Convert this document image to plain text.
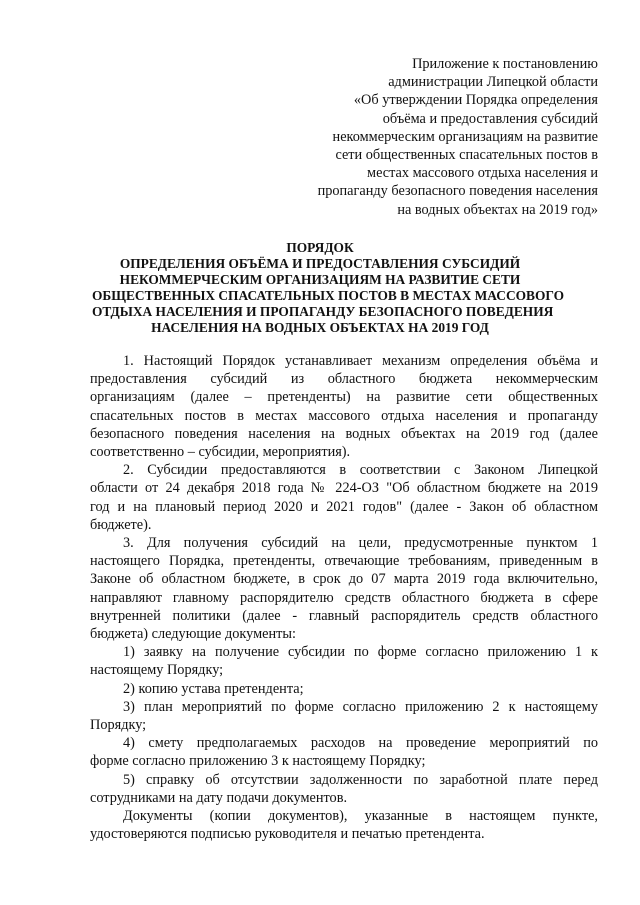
Приложение к постановлению
администрации Липецкой области
«Об утверждении Порядка определения
объёма и предоставления субсидий
некоммерческим организациям на развитие
сети общественных спасательных постов в
местах массового отдыха населения и
пропаганду безопасного поведения населения
на водных объектах на 2019 год»
ПОРЯДОК
ОПРЕДЕЛЕНИЯ ОБЪЁМА И ПРЕДОСТАВЛЕНИЯ СУБСИДИЙ
НЕКОММЕРЧЕСКИМ ОРГАНИЗАЦИЯМ НА РАЗВИТИЕ СЕТИ
ОБЩЕСТВЕННЫХ СПАСАТЕЛЬНЫХ ПОСТОВ В МЕСТАХ МАССОВОГО
ОТДЫХА НАСЕЛЕНИЯ И ПРОПАГАНДУ БЕЗОПАСНОГО ПОВЕДЕНИЯ
НАСЕЛЕНИЯ НА ВОДНЫХ ОБЪЕКТАХ НА 2019 ГОД
1. Настоящий Порядок устанавливает механизм определения объёма и
предоставления субсидий из областного бюджета некоммерческим
организациям (далее – претенденты) на развитие сети общественных
спасательных постов в местах массового отдыха населения и пропаганду
безопасного поведения населения на водных объектах на 2019 год (далее
соответственно – субсидии, мероприятия).
2. Субсидии предоставляются в соответствии с Законом Липецкой
области от 24 декабря 2018 года № 224-ОЗ "Об областном бюджете на 2019
год и на плановый период 2020 и 2021 годов" (далее - Закон об областном
бюджете).
3. Для получения субсидий на цели, предусмотренные пунктом 1
настоящего Порядка, претенденты, отвечающие требованиям, приведенным в
Законе об областном бюджете, в срок до 07 марта 2019 года включительно,
направляют главному распорядителю средств областного бюджета в сфере
внутренней политики (далее - главный распорядитель средств областного
бюджета) следующие документы:
1) заявку на получение субсидии по форме согласно приложению 1 к
настоящему Порядку;
2) копию устава претендента;
3) план мероприятий по форме согласно приложению 2 к настоящему
Порядку;
4) смету предполагаемых расходов на проведение мероприятий по
форме согласно приложению 3 к настоящему Порядку;
5) справку об отсутствии задолженности по заработной плате перед
сотрудниками на дату подачи документов.
Документы (копии документов), указанные в настоящем пункте,
удостоверяются подписью руководителя и печатью претендента.
